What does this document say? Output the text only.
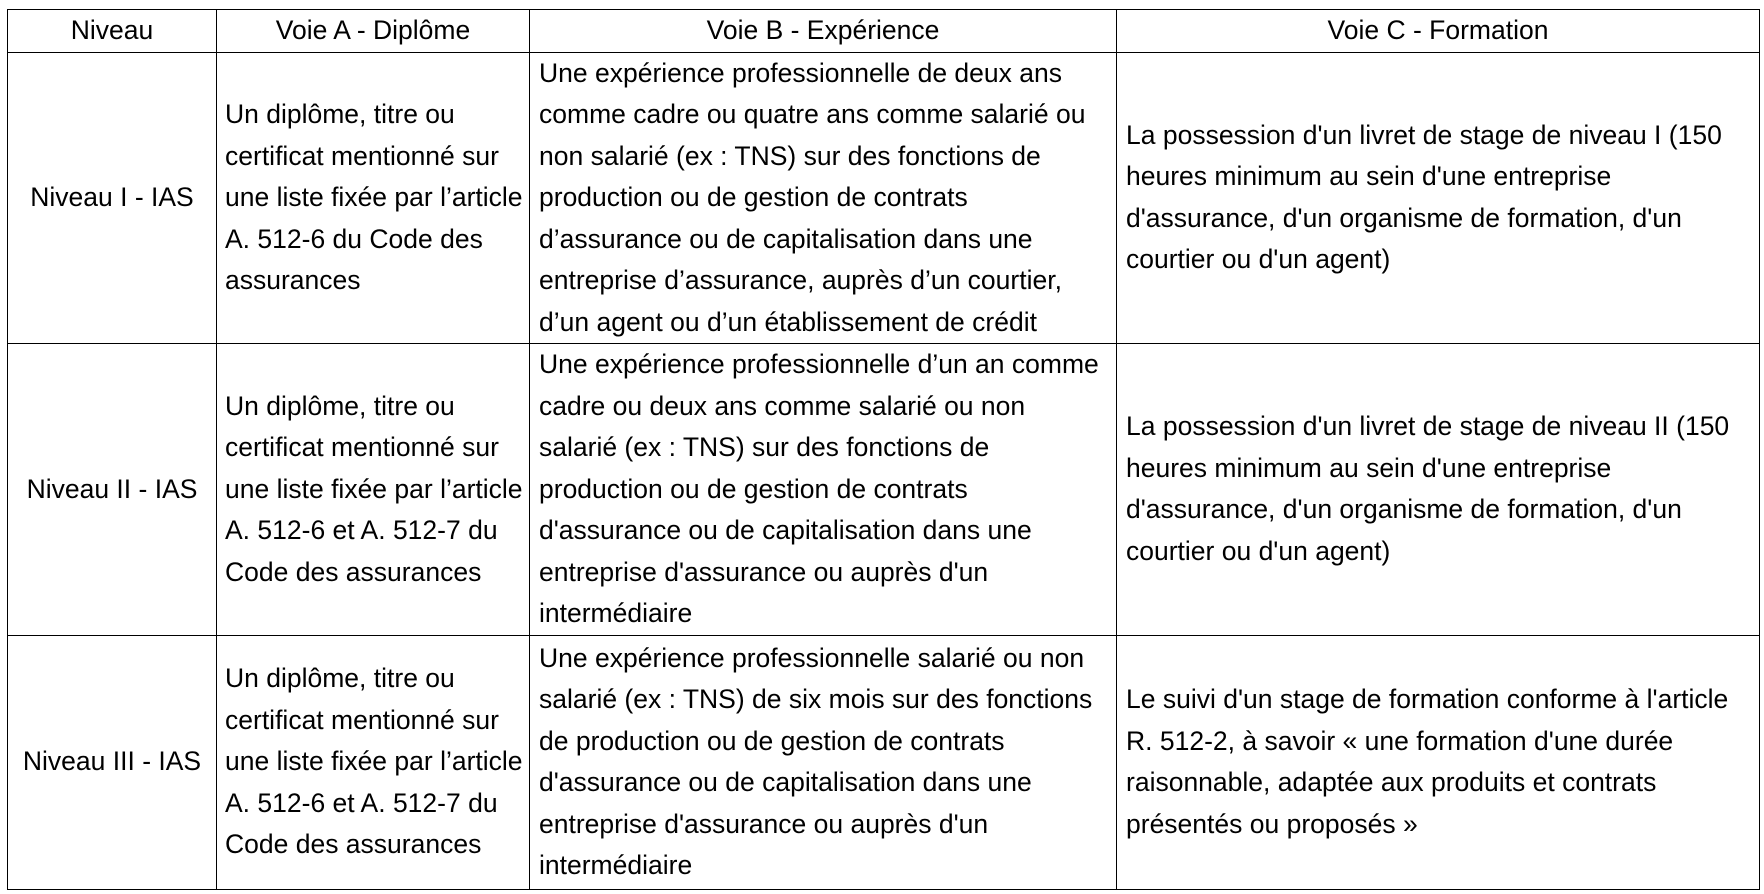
Niveau	Voie A - Diplôme	Voie B - Expérience	Voie C - Formation
Niveau I - IAS	Un diplôme, titre ou certificat mentionné sur une liste fixée par l’article A. 512-6 du Code des assurances	Une expérience professionnelle de deux ans comme cadre ou quatre ans comme salarié ou non salarié (ex : TNS) sur des fonctions de production ou de gestion de contrats d’assurance ou de capitalisation dans une entreprise d’assurance, auprès d’un courtier, d’un agent ou d’un établissement de crédit	La possession d'un livret de stage de niveau I (150 heures minimum au sein d'une entreprise d'assurance, d'un organisme de formation, d'un courtier ou d'un agent)
Niveau II - IAS	Un diplôme, titre ou certificat mentionné sur une liste fixée par l’article A. 512-6 et A. 512-7 du Code des assurances	Une expérience professionnelle d’un an comme cadre ou deux ans comme salarié ou non salarié (ex : TNS) sur des fonctions de production ou de gestion de contrats d'assurance ou de capitalisation dans une entreprise d'assurance ou auprès d'un intermédiaire	La possession d'un livret de stage de niveau II (150 heures minimum au sein d'une entreprise d'assurance, d'un organisme de formation, d'un courtier ou d'un agent)
Niveau III - IAS	Un diplôme, titre ou certificat mentionné sur une liste fixée par l’article A. 512-6 et A. 512-7 du Code des assurances	Une expérience professionnelle salarié ou non salarié (ex : TNS) de six mois sur des fonctions de production ou de gestion de contrats d'assurance ou de capitalisation dans une entreprise d'assurance ou auprès d'un intermédiaire	Le suivi d'un stage de formation conforme à l'article R. 512-2, à savoir « une formation d'une durée raisonnable, adaptée aux produits et contrats présentés ou proposés »
